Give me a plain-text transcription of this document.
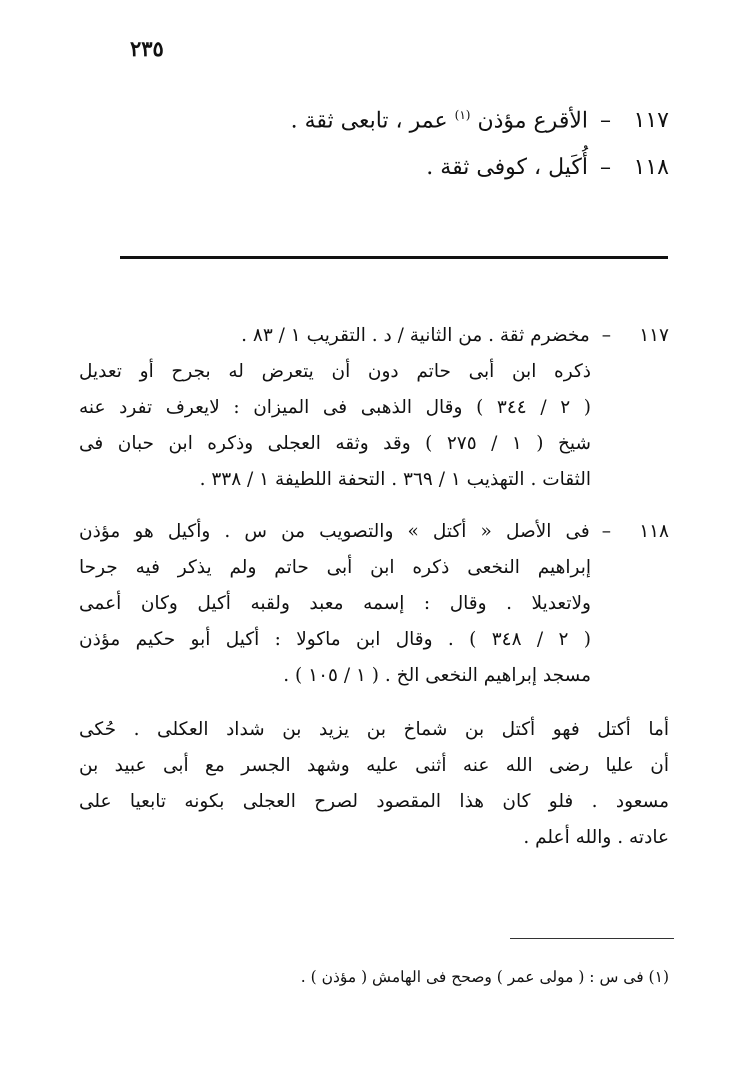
٢٣٥
١١٧–الأقرع مؤذن $^{(١)}$ عمر ، تابعى ثقة .
١١٨–أُكَيل ، كوفى ثقة .
١١٧–مخضرم ثقة . من الثانية / د . التقريب ١ / ٨٣ .
ذكره ابن أبى حاتم دون أن يتعرض له بجرح أو تعديل
( ٢ / ٣٤٤ ) وقال الذهبى فى الميزان : لايعرف تفرد عنه
شيخ ( ١ / ٢٧٥ ) وقد وثقه العجلى وذكره ابن حبان فى
الثقات . التهذيب ١ / ٣٦٩ . التحفة اللطيفة ١ / ٣٣٨ .
١١٨–فى الأصل « أكتل » والتصويب من س . وأكيل هو مؤذن
إبراهيم النخعى ذكره ابن أبى حاتم ولم يذكر فيه جرحا
ولاتعديلا . وقال : إسمه معبد ولقبه أكيل وكان أعمى
( ٢ / ٣٤٨ ) . وقال ابن ماكولا : أكيل أبو حكيم مؤذن
مسجد إبراهيم النخعى الخ . ( ١ / ١٠٥ ) .
أما أكتل فهو أكتل بن شماخ بن يزيد بن شداد العكلى . حُكى
أن عليا رضى الله عنه أثنى عليه وشهد الجسر مع أبى عبيد بن
مسعود . فلو كان هذا المقصود لصرح العجلى بكونه تابعيا على
عادته . والله أعلم .
(١) فى س : ( مولى عمر ) وصحح فى الهامش ( مؤذن ) .
